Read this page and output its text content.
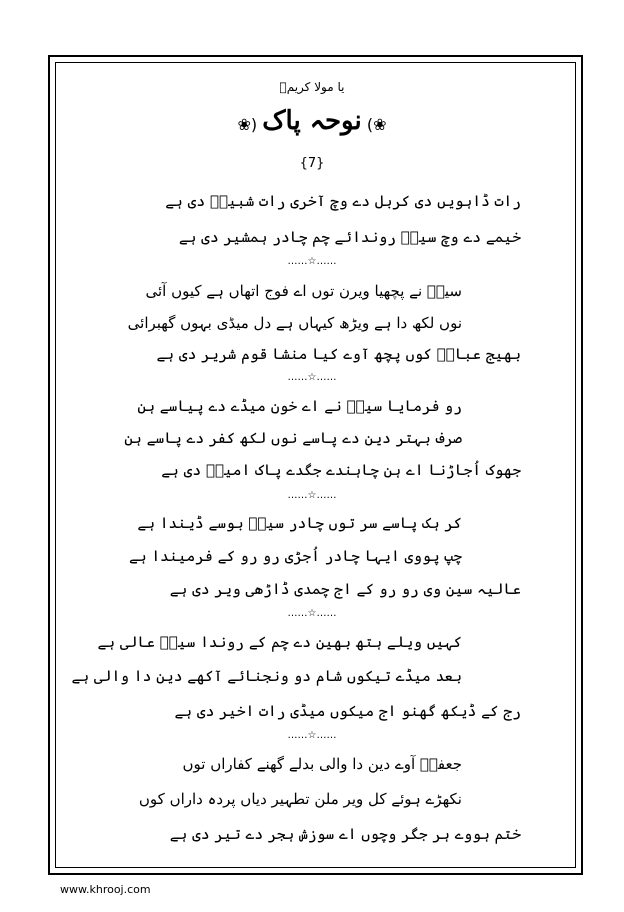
یا مولا کریمؑ
❀) نوحہ پاک (❀
{7}
رات ڈاہویں دی کربل دے وچ آخری رات شبیرؑ دی ہے
خیمے دے وچ سیدؑ روندائے چم چادر ہمشیر دی ہے
……☆……
سینؑ نے پچھیا ویرن توں اے فوج اتھاں ہے کیوں آئی
نوں لکھ دا ہے ویڑھ کیہاں ہے دل میڈی بہوں گھبرائی
بھیج عباسؑ کوں پچھ آوے کیا منشا قوم شریر دی ہے
……☆……
رو فرمایا سیدؑ نے اے خون میڈے دے پیاسے ہن
صرف بہتر دین دے پاسے نوں لکھ کفر دے پاسے ہن
جھوک اُجاڑنا اے ہن چاہندے جگدے پاک امیرؑ دی ہے
……☆……
کر ہک پاسے سر توں چادر سیدؑ بوسے ڈیندا ہے
چپ پووی ایہا چادر اُجڑی رو رو کے فرمیندا ہے
عالیہ سین وی رو رو کے اج چمدی ڈاڑھی ویر دی ہے
……☆……
کہیں ویلے ہتھ بھین دے چم کے روندا سیدؑ عالی ہے
بعد میڈے تیکوں شام دو ونجنائے آکھے دین دا والی ہے
رج کے ڈیکھ گھنو اج میکوں میڈی رات اخیر دی ہے
……☆……
جعفرؔ آوے دین دا والی بدلے گھنے کفاراں توں
نکھڑے ہوئے کل ویر ملن تطہیر دیاں پردہ داراں کوں
ختم ہووے ہر جگر وچوں اے سوزش ہجر دے تیر دی ہے
www.khrooj.com
